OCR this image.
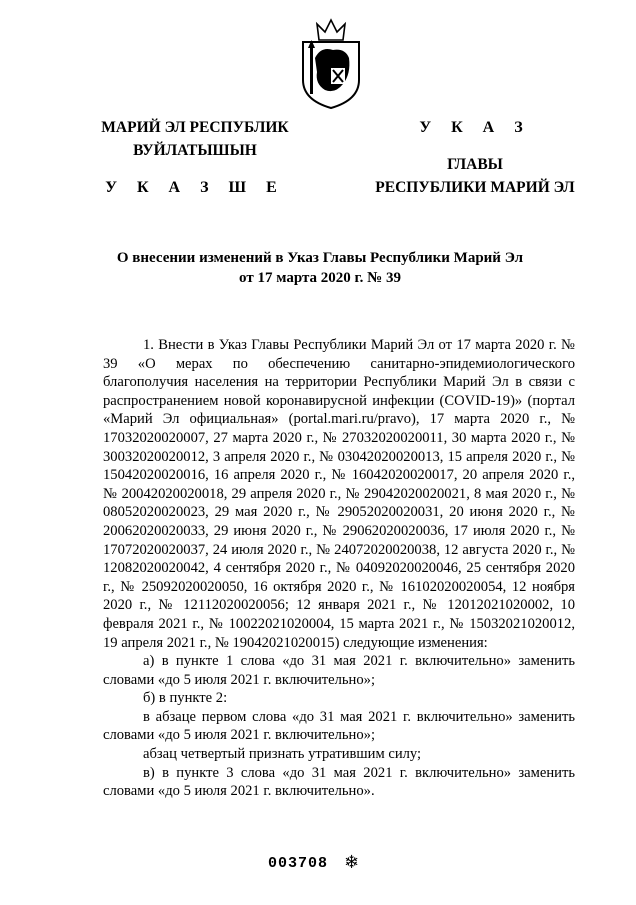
МАРИЙ ЭЛ РЕСПУБЛИК
ВУЙЛАТЫШЫН
У К А З Ш Е
У К А З
ГЛАВЫ
РЕСПУБЛИКИ МАРИЙ ЭЛ
О внесении изменений в Указ Главы Республики Марий Эл
от 17 марта 2020 г. № 39

1. Внести в Указ Главы Республики Марий Эл от 17 марта 2020 г. № 39 «О мерах по обеспечению санитарно-эпидемиологического благополучия населения на территории Республики Марий Эл в связи с распространением новой коронавирусной инфекции (COVID-19)» (портал «Марий Эл официальная» (portal.mari.ru/pravo), 17 марта 2020 г., № 17032020020007, 27 марта 2020 г., № 27032020020011, 30 марта 2020 г., № 30032020020012, 3 апреля 2020 г., № 03042020020013, 15 апреля 2020 г., № 15042020020016, 16 апреля 2020 г., № 16042020020017, 20 апреля 2020 г., № 20042020020018, 29 апреля 2020 г., № 29042020020021, 8 мая 2020 г., № 08052020020023, 29 мая 2020 г., № 29052020020031, 20 июня 2020 г., № 20062020020033, 29 июня 2020 г., № 29062020020036, 17 июля 2020 г., № 17072020020037, 24 июля 2020 г., № 24072020020038, 12 августа 2020 г., № 12082020020042, 4 сентября 2020 г., № 04092020020046, 25 сентября 2020 г., № 25092020020050, 16 октября 2020 г., № 16102020020054, 12 ноября 2020 г., № 12112020020056; 12 января 2021 г., № 12012021020002, 10 февраля 2021 г., № 10022021020004, 15 марта 2021 г., № 15032021020012, 19 апреля 2021 г., № 19042021020015) следующие изменения:

а) в пункте 1 слова «до 31 мая 2021 г. включительно» заменить словами «до 5 июля 2021 г. включительно»;

б) в пункте 2:

в абзаце первом слова «до 31 мая 2021 г. включительно» заменить словами «до 5 июля 2021 г. включительно»;

абзац четвертый признать утратившим силу;

в) в пункте 3 слова «до 31 мая 2021 г. включительно» заменить словами «до 5 июля 2021 г. включительно».

003708 ❄
